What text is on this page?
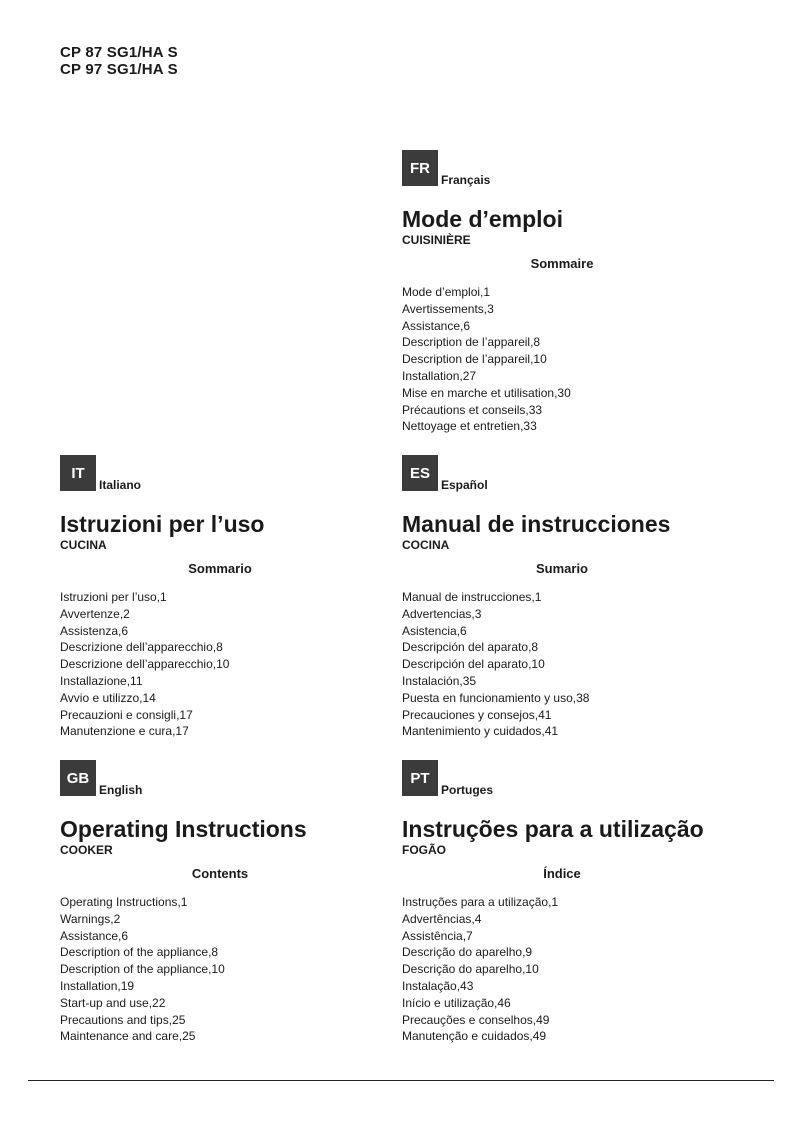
CP 87 SG1/HA S
CP 97 SG1/HA S
FR
Français
Mode d’emploi
CUISINIÈRE
Sommaire
Mode d’emploi,1
Avertissements,3
Assistance,6
Description de l’appareil,8
Description de l’appareil,10
Installation,27
Mise en marche et utilisation,30
Précautions et conseils,33
Nettoyage et entretien,33
IT
Italiano
Istruzioni per l’uso
CUCINA
Sommario
Istruzioni per l’uso,1
Avvertenze,2
Assistenza,6
Descrizione dell’apparecchio,8
Descrizione dell’apparecchio,10
Installazione,11
Avvio e utilizzo,14
Precauzioni e consigli,17
Manutenzione e cura,17
ES
Español
Manual de instrucciones
COCINA
Sumario
Manual de instrucciones,1
Advertencias,3
Asistencia,6
Descripción del aparato,8
Descripción del aparato,10
Instalación,35
Puesta en funcionamiento y uso,38
Precauciones y consejos,41
Mantenimiento y cuidados,41
GB
English
Operating Instructions
COOKER
Contents
Operating Instructions,1
Warnings,2
Assistance,6
Description of the appliance,8
Description of the appliance,10
Installation,19
Start-up and use,22
Precautions and tips,25
Maintenance and care,25
PT
Portuges
Instruções para a utilização
FOGÃO
Índice
Instruções para a utilização,1
Advertências,4
Assistência,7
Descrição do aparelho,9
Descrição do aparelho,10
Instalação,43
Início e utilização,46
Precauções e conselhos,49
Manutenção e cuidados,49
